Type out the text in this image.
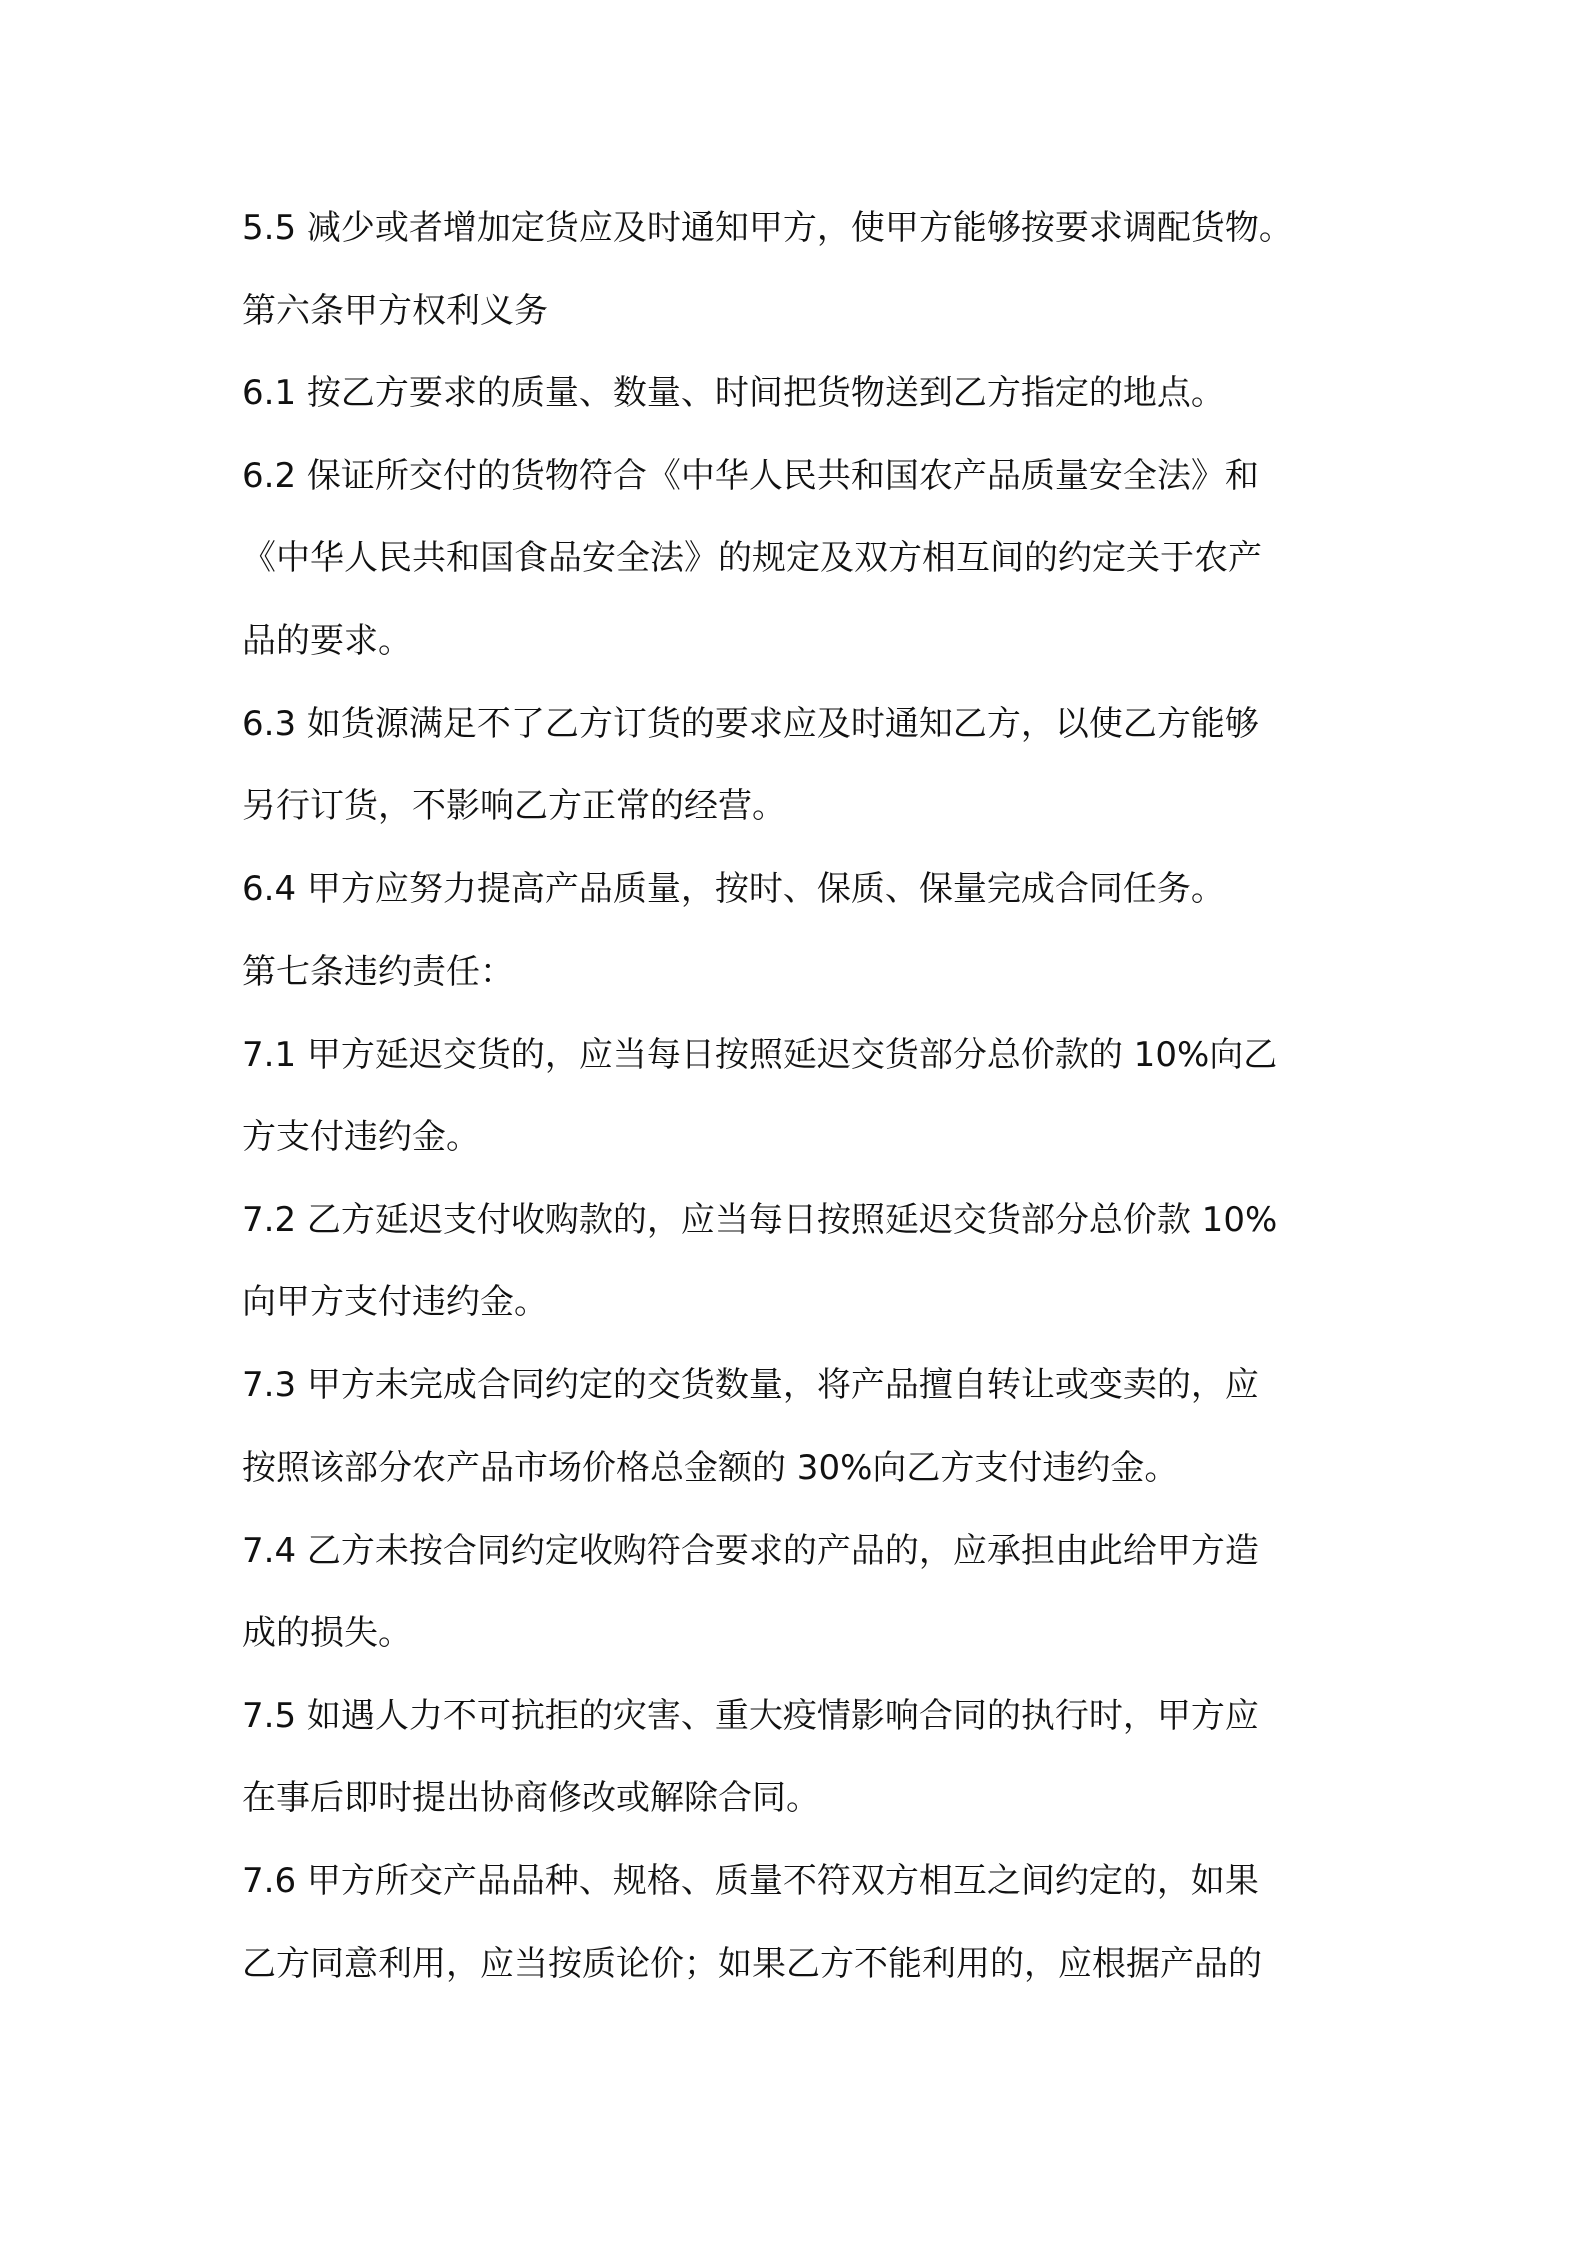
5.5 减少或者增加定货应及时通知甲方，使甲方能够按要求调配货物。
第六条甲方权利义务
6.1 按乙方要求的质量、数量、时间把货物送到乙方指定的地点。
6.2 保证所交付的货物符合《中华人民共和国农产品质量安全法》和
《中华人民共和国食品安全法》的规定及双方相互间的约定关于农产
品的要求。
6.3 如货源满足不了乙方订货的要求应及时通知乙方，以使乙方能够
另行订货，不影响乙方正常的经营。
6.4 甲方应努力提高产品质量，按时、保质、保量完成合同任务。
第七条违约责任：
7.1 甲方延迟交货的，应当每日按照延迟交货部分总价款的 10%向乙
方支付违约金。
7.2 乙方延迟支付收购款的，应当每日按照延迟交货部分总价款 10%
向甲方支付违约金。
7.3 甲方未完成合同约定的交货数量，将产品擅自转让或变卖的，应
按照该部分农产品市场价格总金额的 30%向乙方支付违约金。
7.4 乙方未按合同约定收购符合要求的产品的，应承担由此给甲方造
成的损失。
7.5 如遇人力不可抗拒的灾害、重大疫情影响合同的执行时，甲方应
在事后即时提出协商修改或解除合同。
7.6 甲方所交产品品种、规格、质量不符双方相互之间约定的，如果
乙方同意利用，应当按质论价；如果乙方不能利用的，应根据产品的
